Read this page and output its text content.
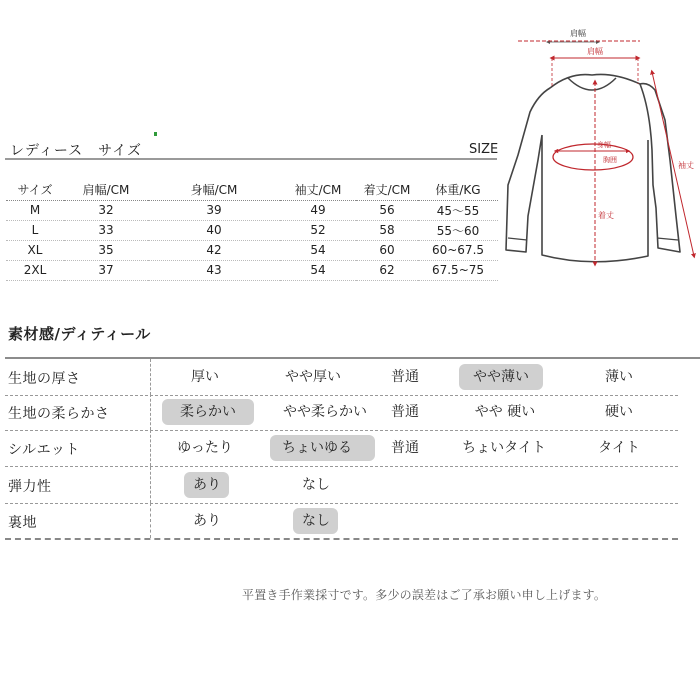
レディース　サイズ	SIZE
サイズ	肩幅/CM	身幅/CM	袖丈/CM	着丈/CM	体重/KG
M	32	39	49	56	45～55
L	33	40	52	58	55～60
XL	35	42	54	60	60~67.5
2XL	37	43	54	62	67.5~75
肩幅
肩幅
身幅
胸囲
着丈
袖丈
素材感/ディティール
生地の厚さ	厚い	やや厚い	普通	やや薄い	薄い
生地の柔らかさ	柔らかい	やや柔らかい 普通	やや 硬い	硬い
シルエット	ゆったり	ちょいゆる	普通	ちょいタイト	タイト
弾力性	あり	なし
裏地	あり	なし
平置き手作業採寸です。多少の誤差はご了承お願い申し上げます。
